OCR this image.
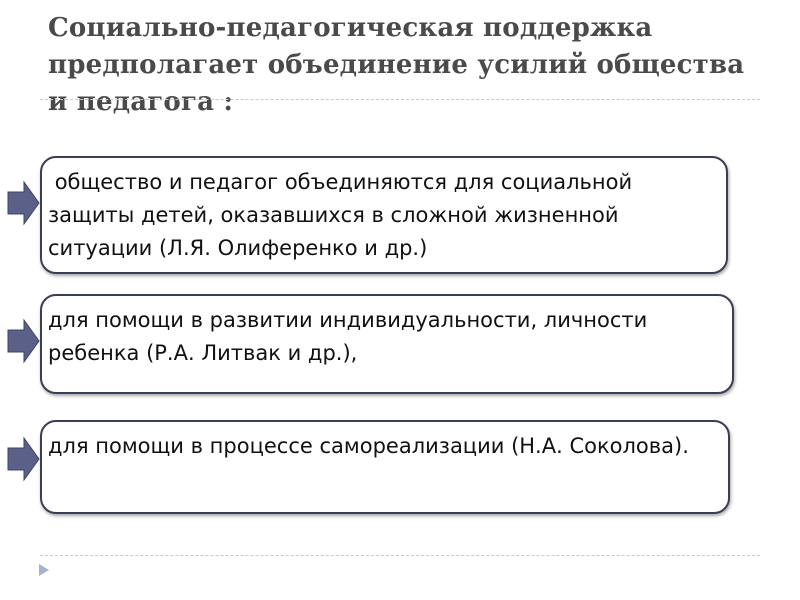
Социально-педагогическая поддержка предполагает объединение усилий общества и педагога :
общество и педагог объединяются для социальной защиты детей, оказавшихся в сложной жизненной ситуации (Л.Я. Олиференко и др.)
для помощи в развитии индивидуальности, личности ребенка (Р.А. Литвак и др.),
для помощи в процессе самореализации (Н.А. Соколова).
